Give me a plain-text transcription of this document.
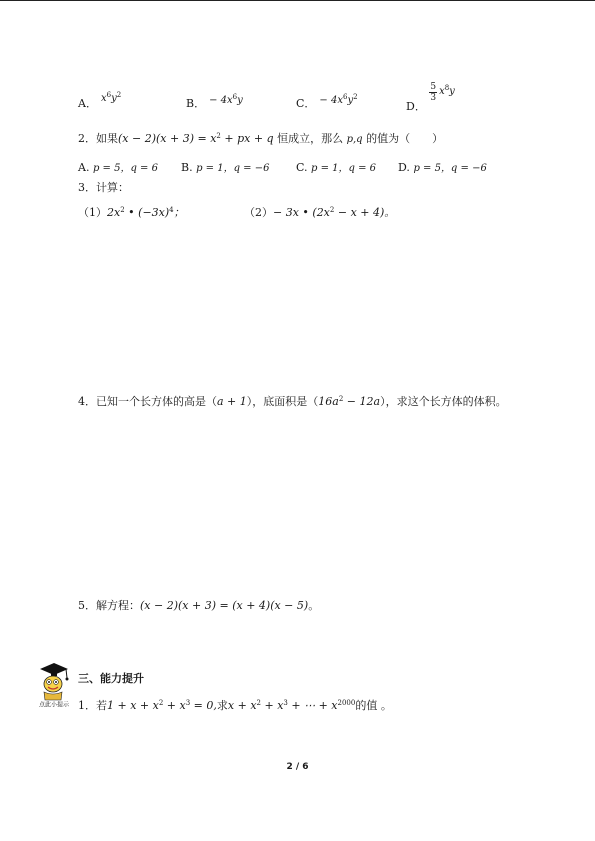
A． $x^6y^2$
B． − $4x^6y$	C． − $4x^6y^2$
D．
$\frac{5}{3} x^8y$
2．如果$(x - 2)(x + 3) = x^2$ + px + q 恒成立，那么 p,q 的值为（　　）
A. p = 5，q = 6 B. p = 1，q = −6 C. p = 1，q = 6 D. p = 5，q = −6
3．计算：
$(1)2x^2$ • $(-3x)^4$；	（2）− 3x • $(2x^2 - x + 4)$。
4．已知一个长方体的高是（a + 1），底面积是$(16a^2 - 12a)$，求这个长方体的体积。
5．解方程：(x − 2)(x + 3) = (x + 4)(x − 5)。
点此小提示
三、能力提升
1．若$1 + x + x^2 + x^3 = 0$,求$x + x^2 + x^3$ + ⋯ + $x^{2000}$的值 。
2 / 6
